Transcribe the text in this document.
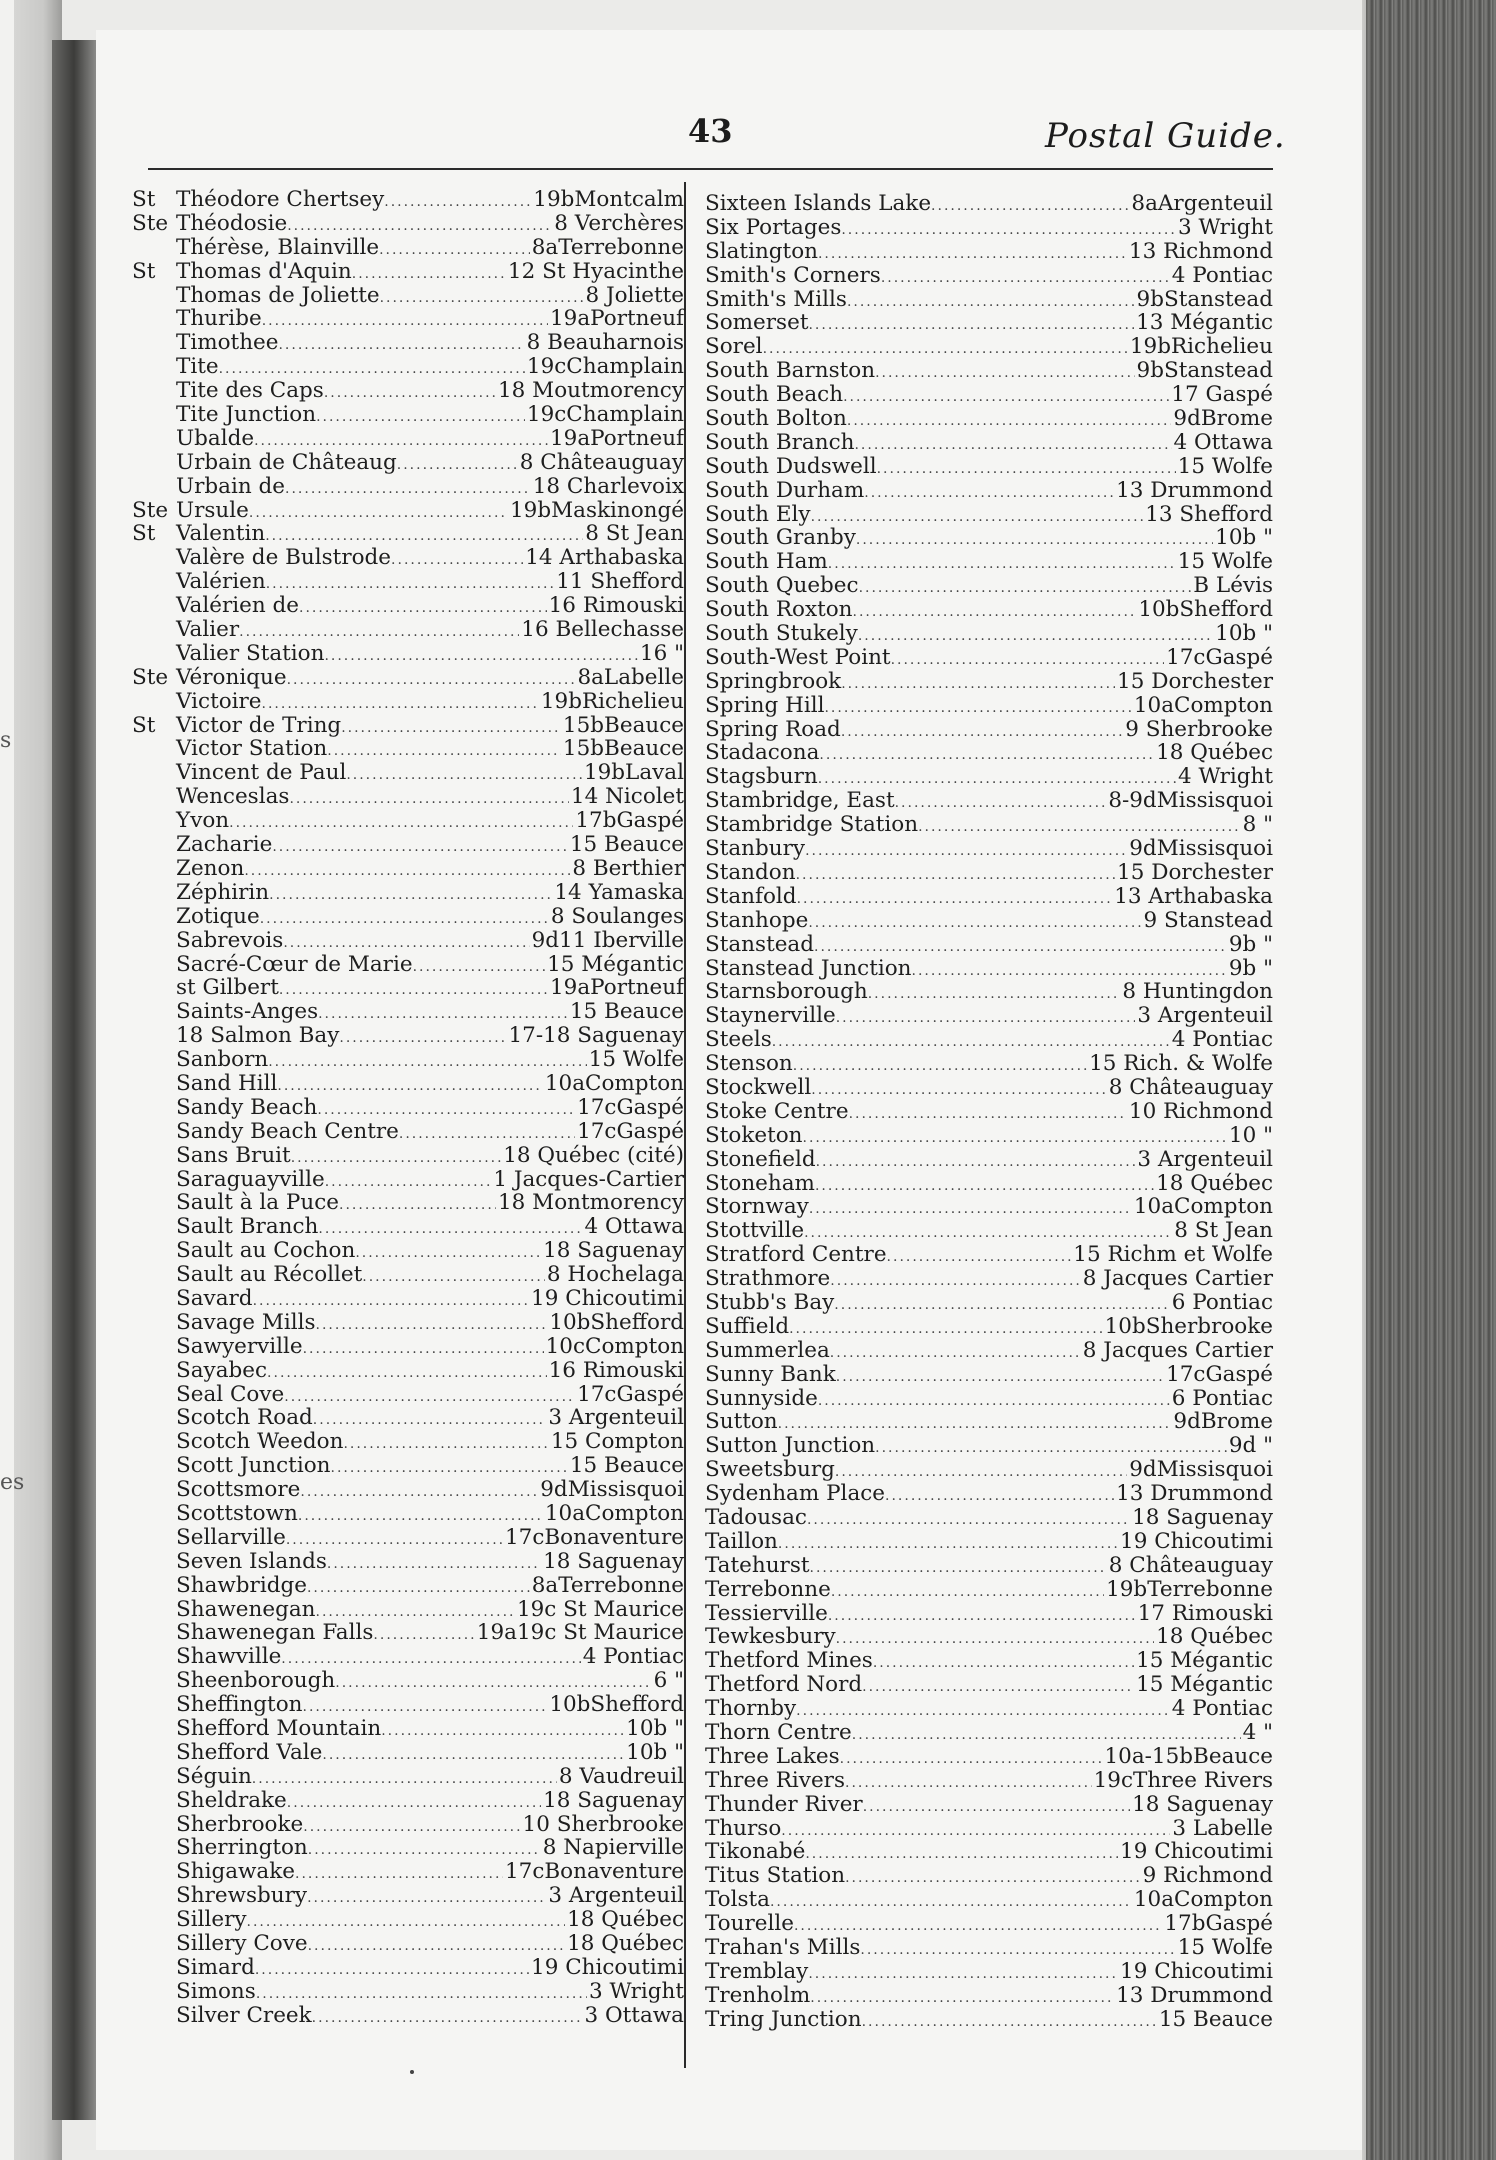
s
es
43	Postal Guide.
St Théodore Chertsey .....	19bMontcalm
Ste Théodosie .....	8 Verchères
Thérèse, Blainville .....	8aTerrebonne
St Thomas d'Aquin .....	12 St Hyacinthe
Thomas de Joliette .....	8 Joliette
Thuribe .....	19aPortneuf
Timothee .....	8 Beauharnois
Tite .....	19cChamplain
Tite des Caps .....	18 Moutmorency
Tite Junction .....	19cChamplain
Ubalde .....	19aPortneuf
Urbain de Châteaug .....	8 Châteauguay
Urbain de .....	18 Charlevoix
Ste Ursule .....	19bMaskinongé
St Valentin .....	8 St Jean
Valère de Bulstrode .....	14 Arthabaska
Valérien .....	11 Shefford
Valérien de .....	16 Rimouski
Valier .....	16 Bellechasse
Valier Station .....	16 "
Ste Véronique .....	8aLabelle
Victoire .....	19bRichelieu
St Victor de Tring .....	15bBeauce
Victor Station .....	15bBeauce
Vincent de Paul .....	19bLaval
Wenceslas .....	14 Nicolet
Yvon .....	17bGaspé
Zacharie .....	15 Beauce
Zenon .....	8 Berthier
Zéphirin .....	14 Yamaska
Zotique .....	8 Soulanges
Sabrevois .....	9d11 Iberville
Sacré-Cœur de Marie .....	15 Mégantic
st Gilbert .....	19aPortneuf
Saints-Anges .....	15 Beauce
18 Salmon Bay .....	17-18 Saguenay
Sanborn .....	15 Wolfe
Sand Hill .....	10aCompton
Sandy Beach .....	17cGaspé
Sandy Beach Centre .....	17cGaspé
Sans Bruit .....	18 Québec (cité)
Saraguayville .....	1 Jacques-Cartier
Sault à la Puce .....	18 Montmorency
Sault Branch .....	4 Ottawa
Sault au Cochon .....	18 Saguenay
Sault au Récollet .....	8 Hochelaga
Savard .....	19 Chicoutimi
Savage Mills .....	10bShefford
Sawyerville .....	10cCompton
Sayabec .....	16 Rimouski
Seal Cove .....	17cGaspé
Scotch Road .....	3 Argenteuil
Scotch Weedon .....	15 Compton
Scott Junction .....	15 Beauce
Scottsmore .....	9dMissisquoi
Scottstown .....	10aCompton
Sellarville .....	17cBonaventure
Seven Islands .....	18 Saguenay
Shawbridge .....	8aTerrebonne
Shawenegan .....	19c St Maurice
Shawenegan Falls .....	19a19c St Maurice
Shawville .....	4 Pontiac
Sheenborough .....	6 "
Sheffington .....	10bShefford
Shefford Mountain .....	10b "
Shefford Vale .....	10b "
Séguin .....	8 Vaudreuil
Sheldrake .....	18 Saguenay
Sherbrooke .....	10 Sherbrooke
Sherrington .....	8 Napierville
Shigawake .....	17cBonaventure
Shrewsbury .....	3 Argenteuil
Sillery .....	18 Québec
Sillery Cove .....	18 Québec
Simard .....	19 Chicoutimi
Simons .....	3 Wright
Silver Creek .....	3 Ottawa
Sixteen Islands Lake .....	8aArgenteuil
Six Portages .....	3 Wright
Slatington .....	13 Richmond
Smith's Corners .....	4 Pontiac
Smith's Mills .....	9bStanstead
Somerset .....	13 Mégantic
Sorel .....	19bRichelieu
South Barnston .....	9bStanstead
South Beach .....	17 Gaspé
South Bolton .....	9dBrome
South Branch .....	4 Ottawa
South Dudswell .....	15 Wolfe
South Durham .....	13 Drummond
South Ely .....	13 Shefford
South Granby .....	10b "
South Ham .....	15 Wolfe
South Quebec .....	B Lévis
South Roxton .....	10bShefford
South Stukely .....	10b "
South-West Point .....	17cGaspé
Springbrook .....	15 Dorchester
Spring Hill .....	10aCompton
Spring Road .....	9 Sherbrooke
Stadacona .....	18 Québec
Stagsburn .....	4 Wright
Stambridge, East .....	8-9dMissisquoi
Stambridge Station .....	8 "
Stanbury .....	9dMissisquoi
Standon .....	15 Dorchester
Stanfold .....	13 Arthabaska
Stanhope .....	9 Stanstead
Stanstead .....	9b "
Stanstead Junction .....	9b "
Starnsborough .....	8 Huntingdon
Staynerville .....	3 Argenteuil
Steels .....	4 Pontiac
Stenson .....	15 Rich. & Wolfe
Stockwell .....	8 Châteauguay
Stoke Centre .....	10 Richmond
Stoketon .....	10 "
Stonefield .....	3 Argenteuil
Stoneham .....	18 Québec
Stornway .....	10aCompton
Stottville .....	8 St Jean
Stratford Centre .....	15 Richm et Wolfe
Strathmore .....	8 Jacques Cartier
Stubb's Bay .....	6 Pontiac
Suffield .....	10bSherbrooke
Summerlea .....	8 Jacques Cartier
Sunny Bank .....	17cGaspé
Sunnyside .....	6 Pontiac
Sutton .....	9dBrome
Sutton Junction .....	9d "
Sweetsburg .....	9dMissisquoi
Sydenham Place .....	13 Drummond
Tadousac .....	18 Saguenay
Taillon .....	19 Chicoutimi
Tatehurst .....	8 Châteauguay
Terrebonne .....	19bTerrebonne
Tessierville .....	17 Rimouski
Tewkesbury .....	18 Québec
Thetford Mines .....	15 Mégantic
Thetford Nord .....	15 Mégantic
Thornby .....	4 Pontiac
Thorn Centre .....	4 "
Three Lakes .....	10a-15bBeauce
Three Rivers .....	19cThree Rivers
Thunder River .....	18 Saguenay
Thurso .....	3 Labelle
Tikonabé .....	19 Chicoutimi
Titus Station .....	9 Richmond
Tolsta .....	10aCompton
Tourelle .....	17bGaspé
Trahan's Mills .....	15 Wolfe
Tremblay .....	19 Chicoutimi
Trenholm .....	13 Drummond
Tring Junction .....	15 Beauce
